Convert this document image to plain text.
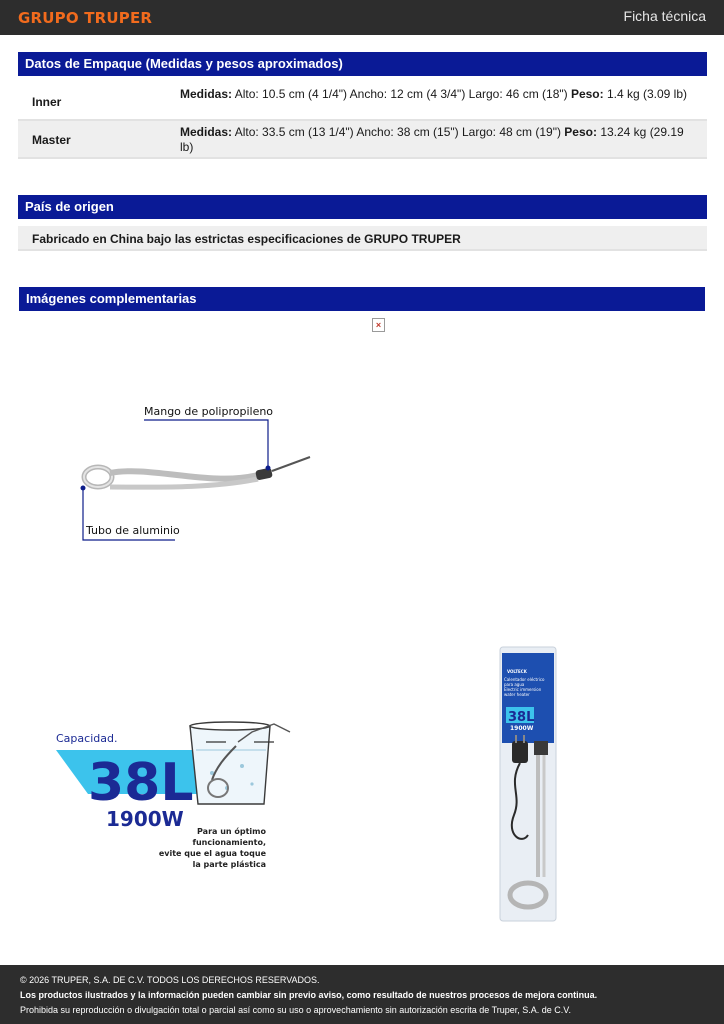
GRUPO TRUPER	Ficha técnica
Datos de Empaque (Medidas y pesos aproximados)
Inner
Medidas: Alto: 10.5 cm (4 1/4") Ancho: 12 cm (4 3/4") Largo: 46 cm (18") Peso: 1.4 kg (3.09 lb)
Master
Medidas: Alto: 33.5 cm (13 1/4") Ancho: 38 cm (15") Largo: 48 cm (19") Peso: 13.24 kg (29.19 lb)
País de origen
Fabricado en China bajo las estrictas especificaciones de GRUPO TRUPER
Imágenes complementarias
×
Mango de polipropileno
Tubo de aluminio
Capacidad.
38L
1900W
Para un óptimo
funcionamiento,
evite que el agua toque
la parte plástica
VOLTECK
Calentador eléctrico
para agua
Electric immersion
water heater
38L
1900W
© 2026 TRUPER, S.A. DE C.V. TODOS LOS DERECHOS RESERVADOS.
Los productos ilustrados y la información pueden cambiar sin previo aviso, como resultado de nuestros procesos de mejora continua.
Prohibida su reproducción o divulgación total o parcial así como su uso o aprovechamiento sin autorización escrita de Truper, S.A. de C.V.
